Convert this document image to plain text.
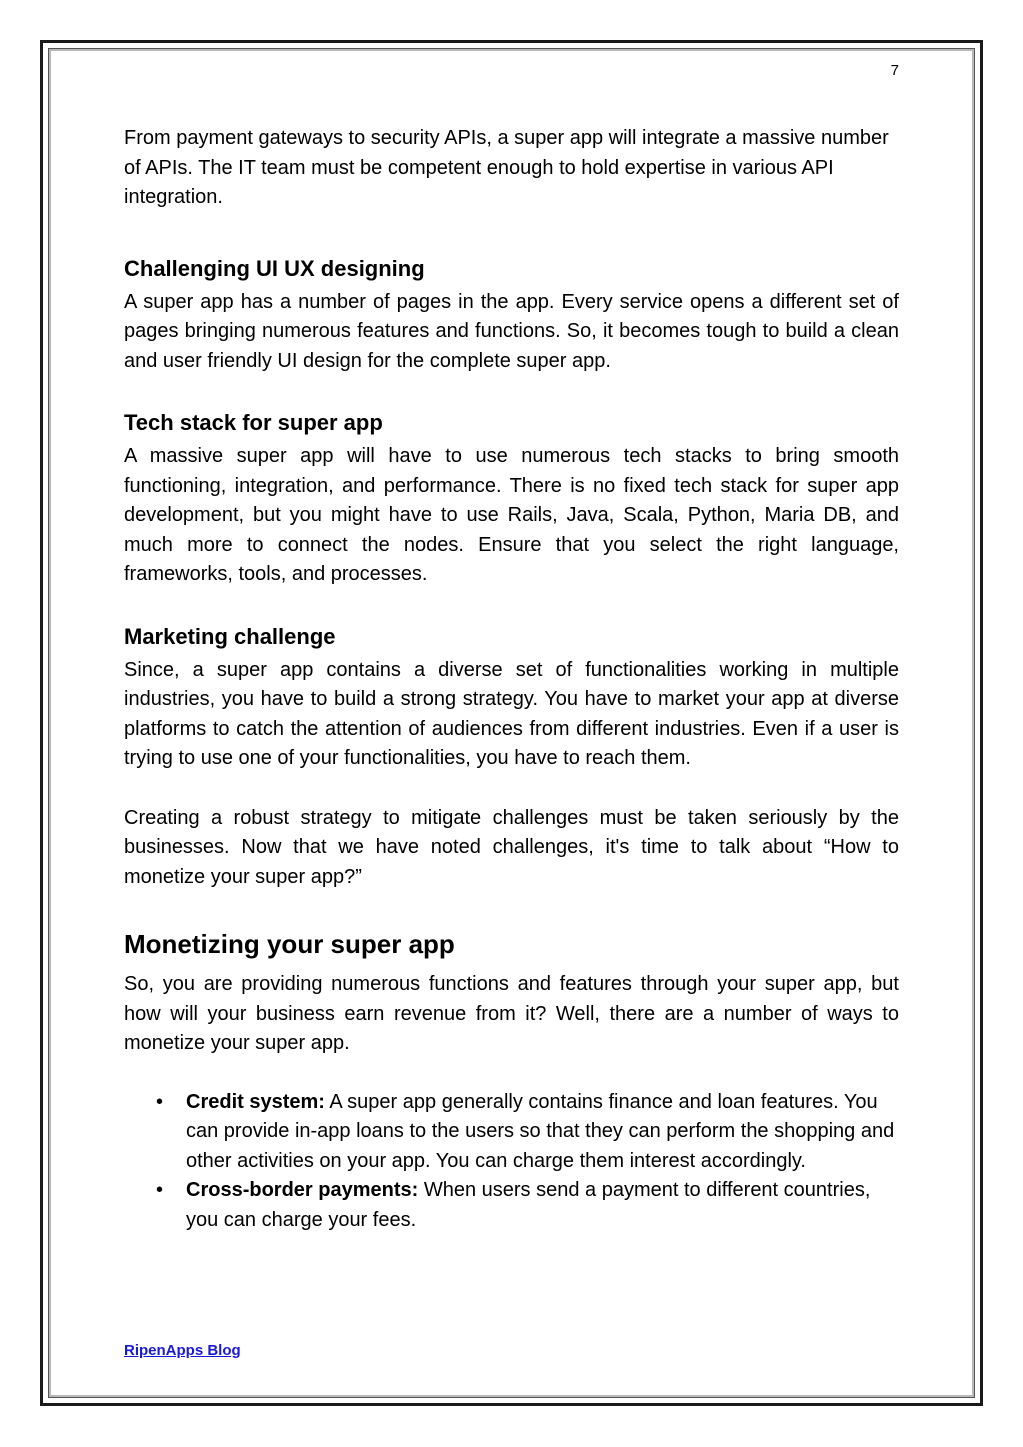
7

From payment gateways to security APIs, a super app will integrate a massive number of APIs. The IT team must be competent enough to hold expertise in various API integration.

Challenging UI UX designing

A super app has a number of pages in the app. Every service opens a different set of pages bringing numerous features and functions. So, it becomes tough to build a clean and user friendly UI design for the complete super app.

Tech stack for super app

A massive super app will have to use numerous tech stacks to bring smooth functioning, integration, and performance. There is no fixed tech stack for super app development, but you might have to use Rails, Java, Scala, Python, Maria DB, and much more to connect the nodes. Ensure that you select the right language, frameworks, tools, and processes.

Marketing challenge

Since, a super app contains a diverse set of functionalities working in multiple industries, you have to build a strong strategy. You have to market your app at diverse platforms to catch the attention of audiences from different industries. Even if a user is trying to use one of your functionalities, you have to reach them.

Creating a robust strategy to mitigate challenges must be taken seriously by the businesses. Now that we have noted challenges, it's time to talk about “How to monetize your super app?”

Monetizing your super app

So, you are providing numerous functions and features through your super app, but how will your business earn revenue from it? Well, there are a number of ways to monetize your super app.

• Credit system: A super app generally contains finance and loan features. You can provide in-app loans to the users so that they can perform the shopping and other activities on your app. You can charge them interest accordingly.
• Cross-border payments: When users send a payment to different countries, you can charge your fees.
RipenApps Blog
